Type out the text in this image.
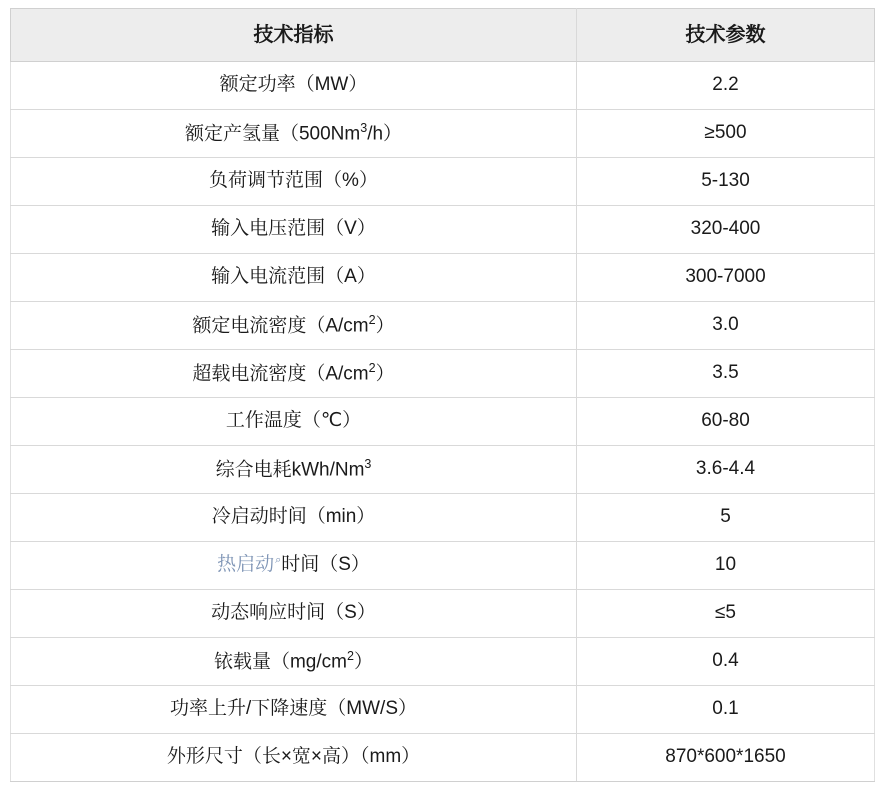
技术指标	技术参数
额定功率（MW）	2.2
额定产氢量$(500Nm^3/h)$	≥500
负荷调节范围（%）	5-130
输入电压范围（V）	320-400
输入电流范围（A）	300-7000
额定电流密度$(A/cm^2)$	3.0
超载电流密度$(A/cm^2)$	3.5
工作温度（℃）	60-80
综合电耗kWh/Nm$^3$	3.6-4.4
冷启动时间（min）	5
热启动⌕时间（S）	10
动态响应时间（S）	≤5
铱载量$(mg/cm^2)$	0.4
功率上升/下降速度（MW/S）	0.1
外形尺寸（长×宽×高）（mm）	870*600*1650
